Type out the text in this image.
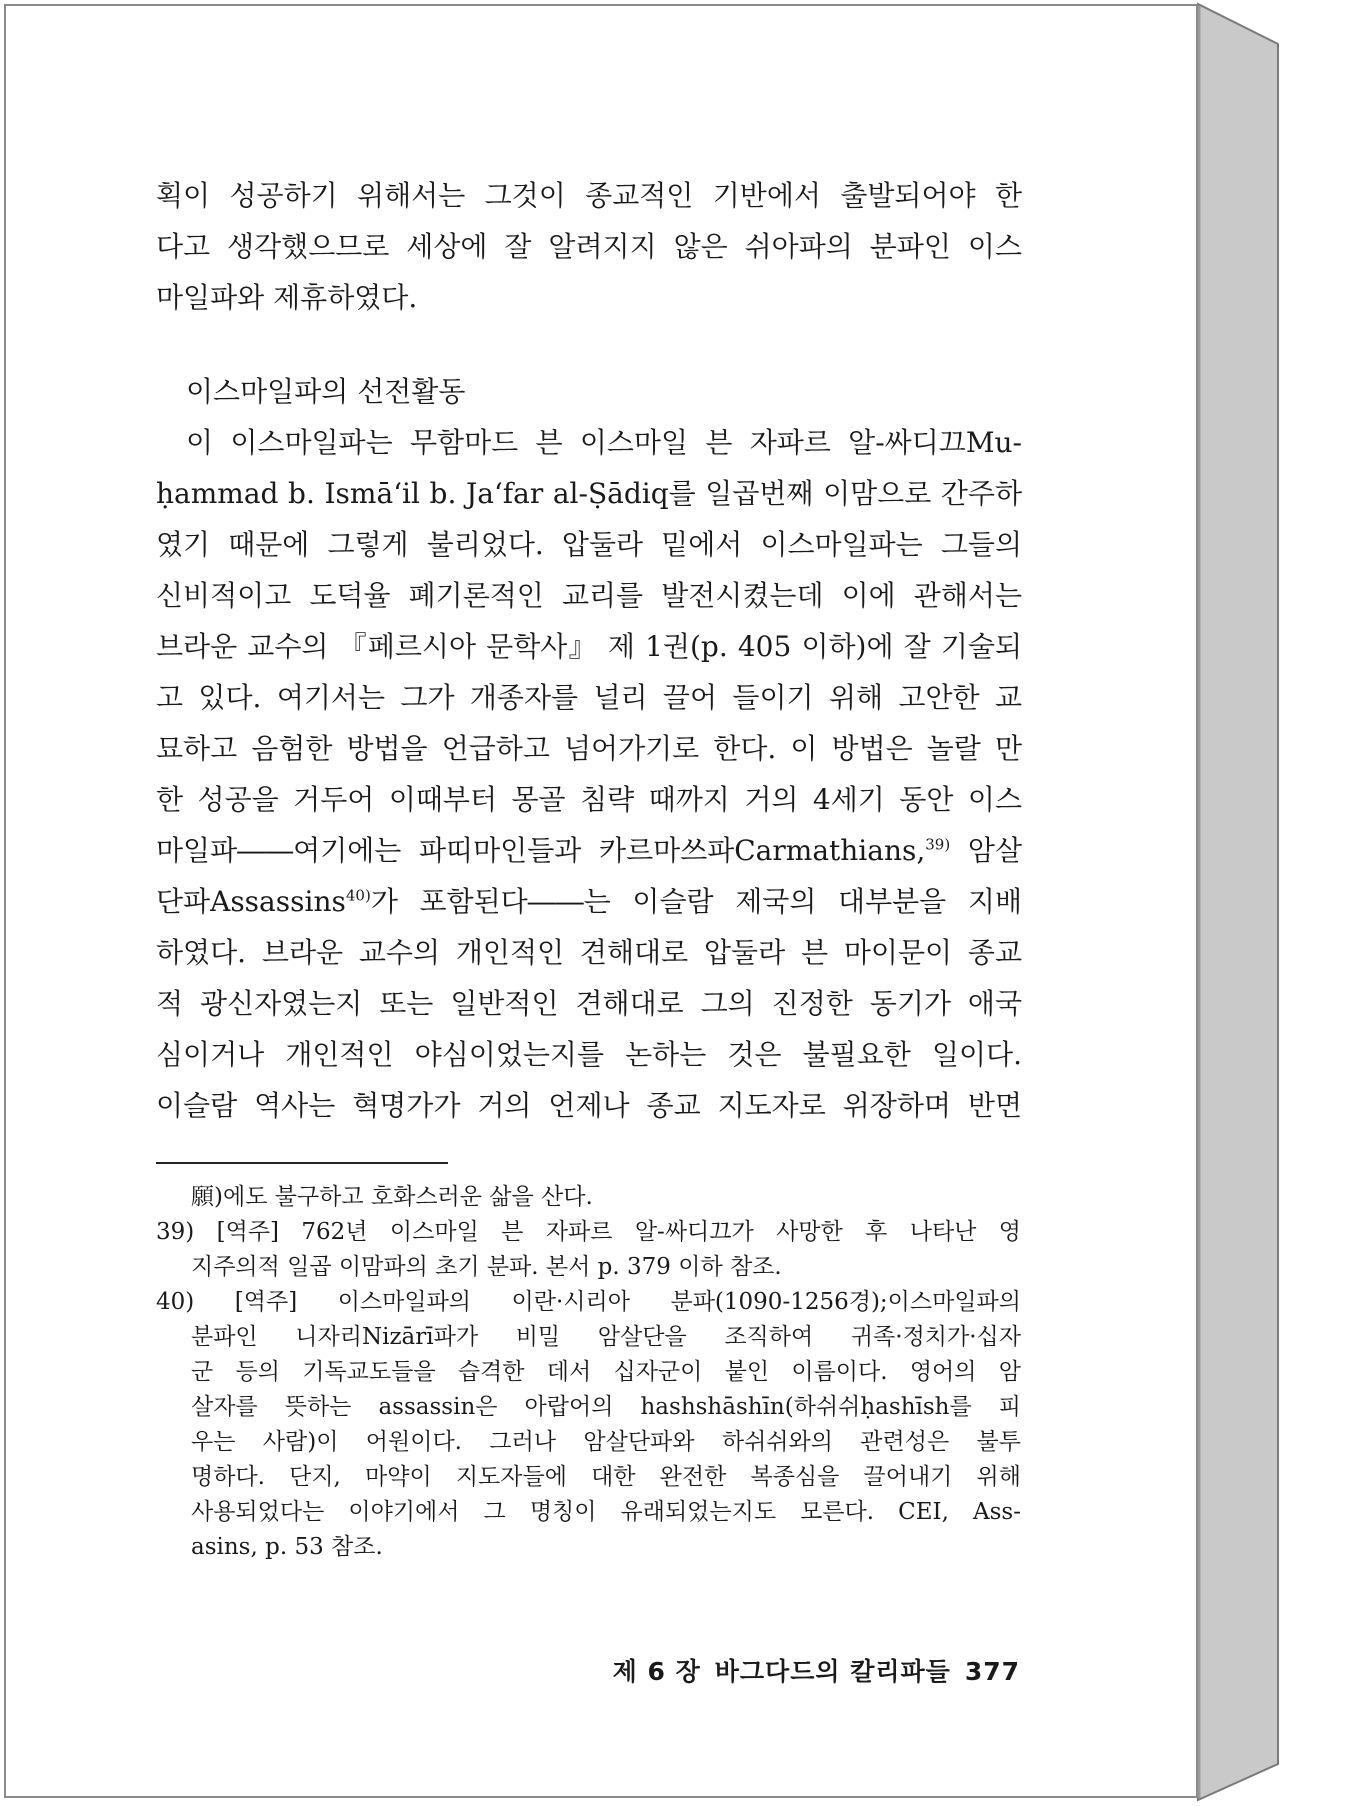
획이 성공하기 위해서는 그것이 종교적인 기반에서 출발되어야 한
다고 생각했으므로 세상에 잘 알려지지 않은 쉬아파의 분파인 이스
마일파와 제휴하였다.
이스마일파의 선전활동
이 이스마일파는 무함마드 븐 이스마일 븐 자파르 알-싸디끄Mu-
ḥammad b. Ismā‘il b. Ja‘far al-Ṣādiq를 일곱번째 이맘으로 간주하
였기 때문에 그렇게 불리었다. 압둘라 밑에서 이스마일파는 그들의
신비적이고 도덕율 폐기론적인 교리를 발전시켰는데 이에 관해서는
브라운 교수의 『페르시아 문학사』 제 1권(p. 405 이하)에 잘 기술되
고 있다. 여기서는 그가 개종자를 널리 끌어 들이기 위해 고안한 교
묘하고 음험한 방법을 언급하고 넘어가기로 한다. 이 방법은 놀랄 만
한 성공을 거두어 이때부터 몽골 침략 때까지 거의 4세기 동안 이스
마일파――여기에는 파띠마인들과 카르마쓰파Carmathians,$^{39)}$ 암살
단파Assassins$^{40)}$가 포함된다――는 이슬람 제국의 대부분을 지배
하였다. 브라운 교수의 개인적인 견해대로 압둘라 븐 마이문이 종교
적 광신자였는지 또는 일반적인 견해대로 그의 진정한 동기가 애국
심이거나 개인적인 야심이었는지를 논하는 것은 불필요한 일이다.
이슬람 역사는 혁명가가 거의 언제나 종교 지도자로 위장하며 반면
願)에도 불구하고 호화스러운 삶을 산다.
39) [역주] 762년 이스마일 븐 자파르 알-싸디끄가 사망한 후 나타난 영
지주의적 일곱 이맘파의 초기 분파. 본서 p. 379 이하 참조.
40) [역주] 이스마일파의 이란·시리아 분파(1090-1256경);이스마일파의
분파인 니자리Nizārī파가 비밀 암살단을 조직하여 귀족·정치가·십자
군 등의 기독교도들을 습격한 데서 십자군이 붙인 이름이다. 영어의 암
살자를 뜻하는 assassin은 아랍어의 hashshāshīn(하쉬쉬ḥashīsh를 피
우는 사람)이 어원이다. 그러나 암살단파와 하쉬쉬와의 관련성은 불투
명하다. 단지, 마약이 지도자들에 대한 완전한 복종심을 끌어내기 위해
사용되었다는 이야기에서 그 명칭이 유래되었는지도 모른다. CEI, Ass-
asins, p. 53 참조.
제 6 장 바그다드의 칼리파들 377
